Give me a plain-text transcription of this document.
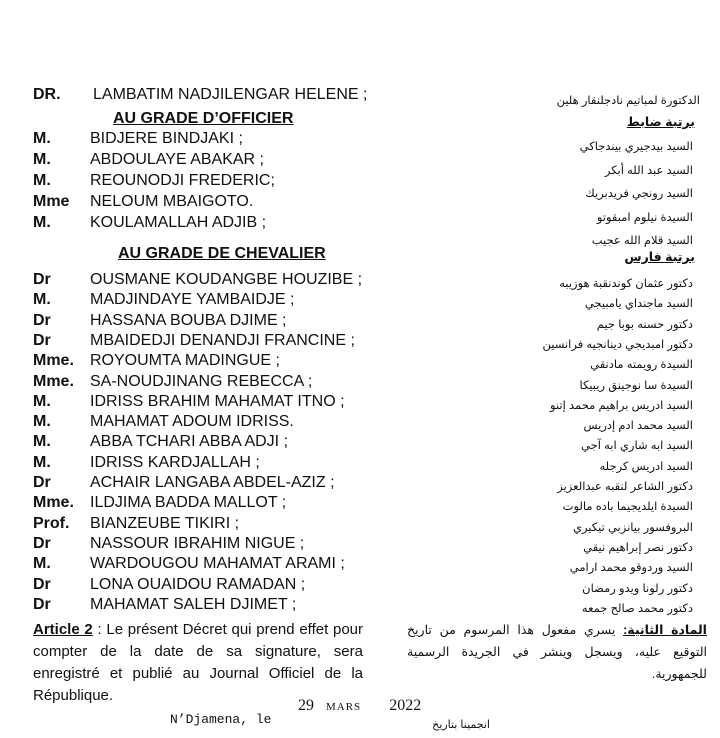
DR. LAMBATIM NADJILENGAR HELENE ;
AU GRADE D’OFFICIER
M. BIDJERE BINDJAKI ;
M. ABDOULAYE ABAKAR ;
M. REOUNODJI FREDERIC;
Mme NELOUM MBAIGOTO.
M. KOULAMALLAH ADJIB ;
AU GRADE DE CHEVALIER
Dr OUSMANE KOUDANGBE HOUZIBE ;
M. MADJINDAYE YAMBAIDJE ;
Dr HASSANA BOUBA DJIME ;
Dr MBAIDEDJI DENANDJI FRANCINE ;
Mme. ROYOUMTA MADINGUE ;
Mme. SA-NOUDJINANG REBECCA ;
M. IDRISS BRAHIM MAHAMAT ITNO ;
M. MAHAMAT ADOUM IDRISS.
M. ABBA TCHARI ABBA ADJI ;
M. IDRISS KARDJALLAH ;
Dr ACHAIR LANGABA ABDEL-AZIZ ;
Mme. ILDJIMA BADDA MALLOT ;
Prof. BIANZEUBE TIKIRI ;
Dr NASSOUR IBRAHIM NIGUE ;
M. WARDOUGOU MAHAMAT ARAMI ;
Dr LONA OUAIDOU RAMADAN ;
Dr MAHAMAT SALEH DJIMET ;
Article 2 : Le présent Décret qui prend effet pour compter de la date de sa signature, sera enregistré et publié au Journal Officiel de la République.
N’Djamena, le
29 MARS 2022
الدكتورة لمباتيم نادجلنقار هلين
برتبة ضابط
السيد بيدجيري بيندجاكي
السيد عبد الله أبكر
السيد رونجي فريدبريك
السيدة نيلوم امبقوتو
السيد قلام الله عجيب
برتبة فارس
دكتور عثمان كوندنقبة هوزيبه
السيد ماجنداي يامبيجي
دكتور حسنه بوبا جيم
دكتور امبديجي دينانجيه فرانسين
السيدة رويمته مادنقي
السيدة سا نوجينق ريبيكا
السيد ادريس براهيم محمد إتنو
السيد محمد ادم إدريس
السيد ابه شاري ابه آجي
السيد ادريس كرجله
دكتور الشاعر لنقبه عبدالعزيز
السيدة ايلديجيما باده مالوت
البروفسور بيانزبي تيكيري
دكتور نصر إبراهيم نيقي
السيد وردوقو محمد ارامي
دكتور رلونا ويدو رمضان
دكتور محمد صالح جمعه
المادة الثانية: يسري مفعول هذا المرسوم من تاريخ التوقيع عليه، ويسجل وينشر في الجريدة الرسمية للجمهورية.
انجمينا بتاريخ
